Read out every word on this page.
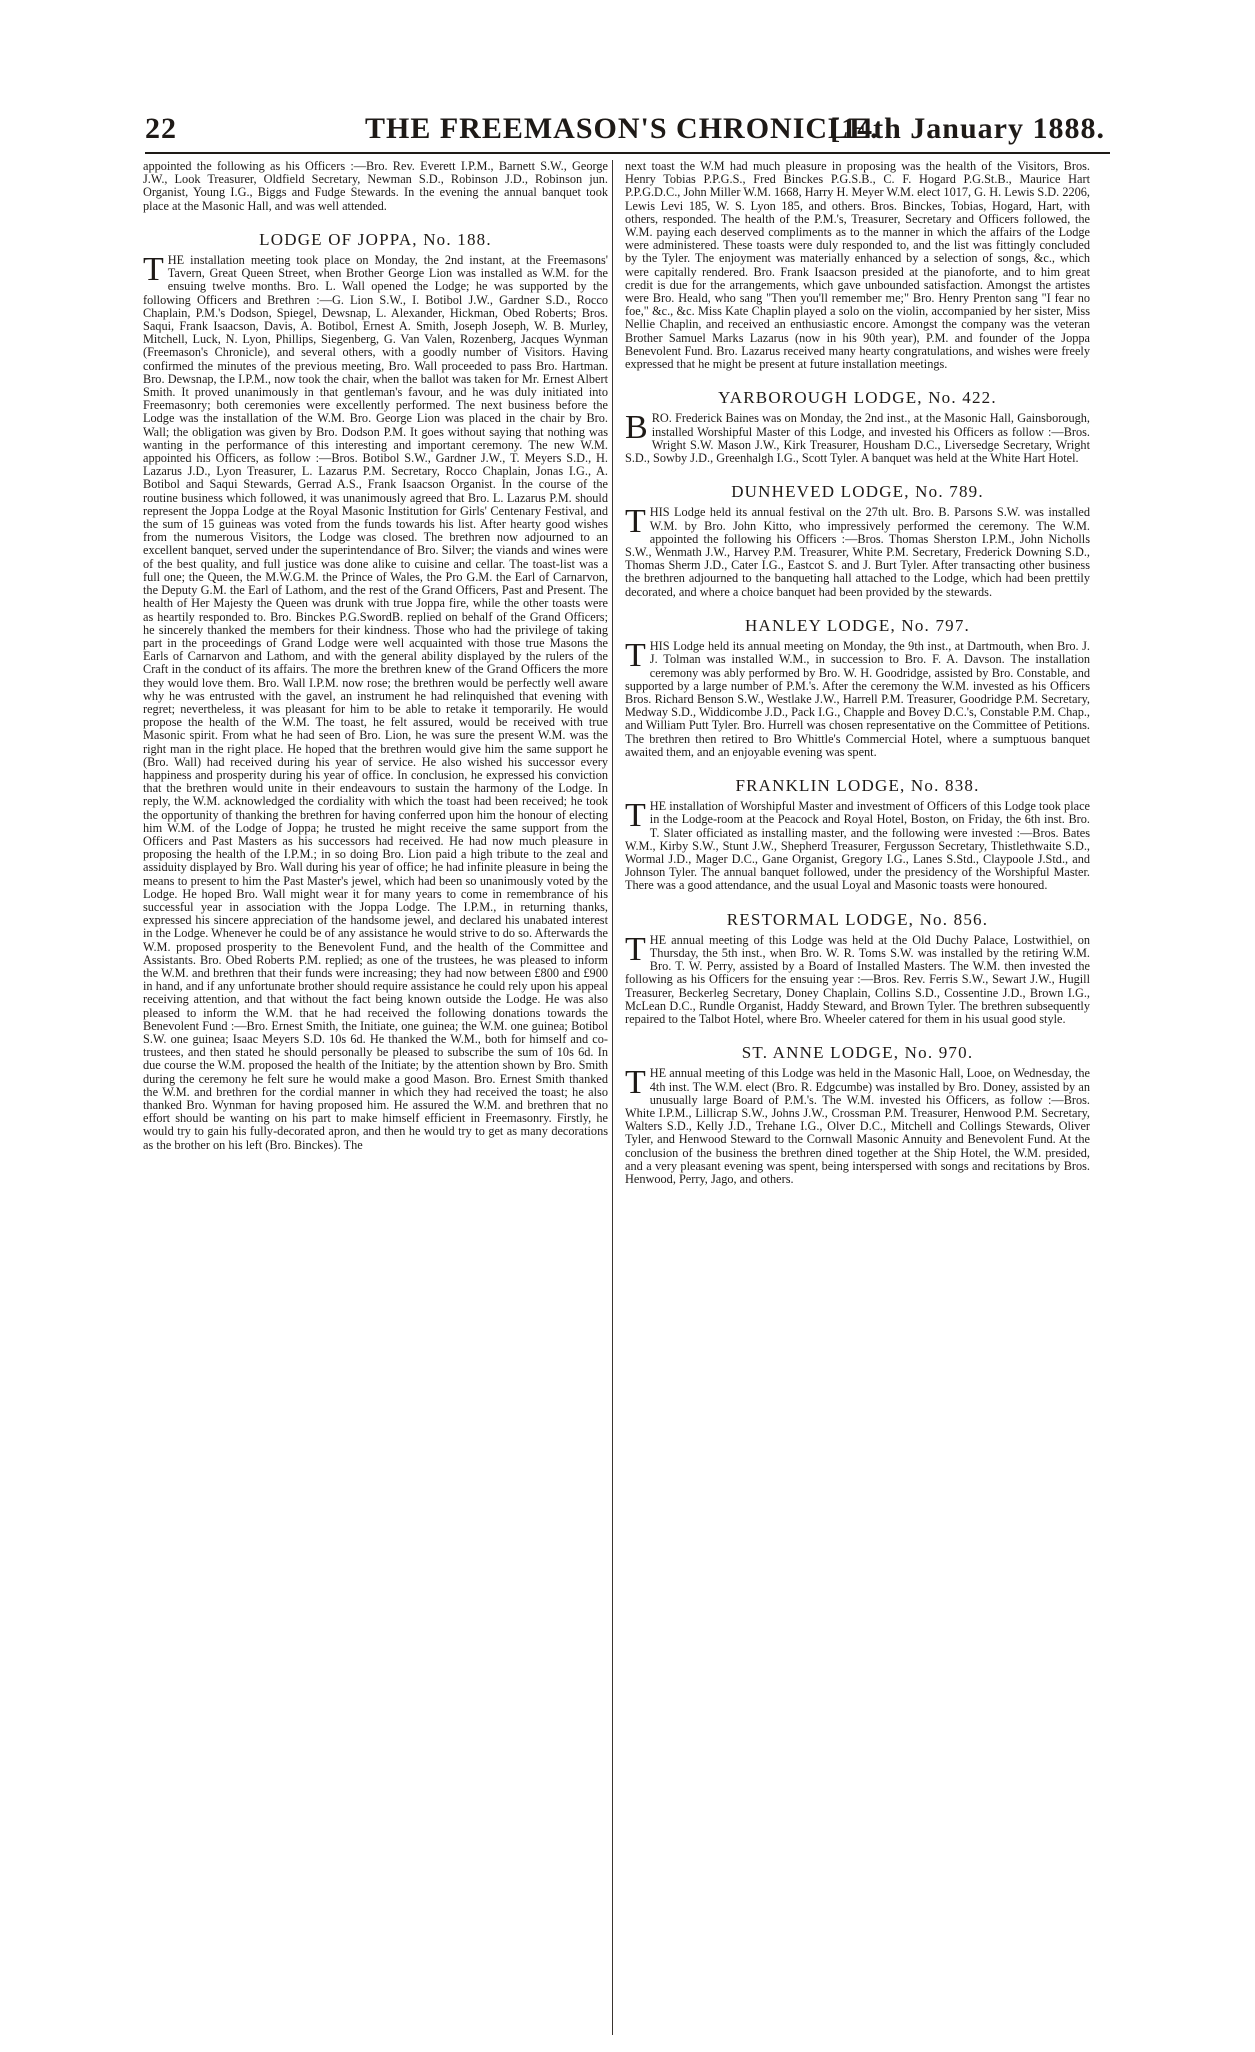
22	THE FREEMASON'S CHRONICLE.
[14th January 1888.

appointed the following as his Officers :—Bro. Rev. Everett I.P.M., Barnett S.W., George J.W., Look Treasurer, Oldfield Secretary, Newman S.D., Robinson J.D., Robinson jun. Organist, Young I.G., Biggs and Fudge Stewards. In the evening the annual banquet took place at the Masonic Hall, and was well attended.

LODGE OF JOPPA, No. 188.

THE installation meeting took place on Monday, the 2nd instant, at the Freemasons' Tavern, Great Queen Street, when Brother George Lion was installed as W.M. for the ensuing twelve months. Bro. L. Wall opened the Lodge; he was supported by the following Officers and Brethren :—G. Lion S.W., I. Botibol J.W., Gardner S.D., Rocco Chaplain, P.M.'s Dodson, Spiegel, Dewsnap, L. Alexander, Hickman, Obed Roberts; Bros. Saqui, Frank Isaacson, Davis, A. Botibol, Ernest A. Smith, Joseph Joseph, W. B. Murley, Mitchell, Luck, N. Lyon, Phillips, Siegenberg, G. Van Valen, Rozenberg, Jacques Wynman (Freemason's Chronicle), and several others, with a goodly number of Visitors. Having confirmed the minutes of the previous meeting, Bro. Wall proceeded to pass Bro. Hartman. Bro. Dewsnap, the I.P.M., now took the chair, when the ballot was taken for Mr. Ernest Albert Smith. It proved unanimously in that gentleman's favour, and he was duly initiated into Freemasonry; both ceremonies were excellently performed. The next business before the Lodge was the installation of the W.M. Bro. George Lion was placed in the chair by Bro. Wall; the obligation was given by Bro. Dodson P.M. It goes without saying that nothing was wanting in the performance of this interesting and important ceremony. The new W.M. appointed his Officers, as follow :—Bros. Botibol S.W., Gardner J.W., T. Meyers S.D., H. Lazarus J.D., Lyon Treasurer, L. Lazarus P.M. Secretary, Rocco Chaplain, Jonas I.G., A. Botibol and Saqui Stewards, Gerrad A.S., Frank Isaacson Organist. In the course of the routine business which followed, it was unanimously agreed that Bro. L. Lazarus P.M. should represent the Joppa Lodge at the Royal Masonic Institution for Girls' Centenary Festival, and the sum of 15 guineas was voted from the funds towards his list. After hearty good wishes from the numerous Visitors, the Lodge was closed. The brethren now adjourned to an excellent banquet, served under the superintendance of Bro. Silver; the viands and wines were of the best quality, and full justice was done alike to cuisine and cellar. The toast-list was a full one; the Queen, the M.W.G.M. the Prince of Wales, the Pro G.M. the Earl of Carnarvon, the Deputy G.M. the Earl of Lathom, and the rest of the Grand Officers, Past and Present. The health of Her Majesty the Queen was drunk with true Joppa fire, while the other toasts were as heartily responded to. Bro. Binckes P.G.SwordB. replied on behalf of the Grand Officers; he sincerely thanked the members for their kindness. Those who had the privilege of taking part in the proceedings of Grand Lodge were well acquainted with those true Masons the Earls of Carnarvon and Lathom, and with the general ability displayed by the rulers of the Craft in the conduct of its affairs. The more the brethren knew of the Grand Officers the more they would love them. Bro. Wall I.P.M. now rose; the brethren would be perfectly well aware why he was entrusted with the gavel, an instrument he had relinquished that evening with regret; nevertheless, it was pleasant for him to be able to retake it temporarily. He would propose the health of the W.M. The toast, he felt assured, would be received with true Masonic spirit. From what he had seen of Bro. Lion, he was sure the present W.M. was the right man in the right place. He hoped that the brethren would give him the same support he (Bro. Wall) had received during his year of service. He also wished his successor every happiness and prosperity during his year of office. In conclusion, he expressed his conviction that the brethren would unite in their endeavours to sustain the harmony of the Lodge. In reply, the W.M. acknowledged the cordiality with which the toast had been received; he took the opportunity of thanking the brethren for having conferred upon him the honour of electing him W.M. of the Lodge of Joppa; he trusted he might receive the same support from the Officers and Past Masters as his successors had received. He had now much pleasure in proposing the health of the I.P.M.; in so doing Bro. Lion paid a high tribute to the zeal and assiduity displayed by Bro. Wall during his year of office; he had infinite pleasure in being the means to present to him the Past Master's jewel, which had been so unanimously voted by the Lodge. He hoped Bro. Wall might wear it for many years to come in remembrance of his successful year in association with the Joppa Lodge. The I.P.M., in returning thanks, expressed his sincere appreciation of the handsome jewel, and declared his unabated interest in the Lodge. Whenever he could be of any assistance he would strive to do so. Afterwards the W.M. proposed prosperity to the Benevolent Fund, and the health of the Committee and Assistants. Bro. Obed Roberts P.M. replied; as one of the trustees, he was pleased to inform the W.M. and brethren that their funds were increasing; they had now between £800 and £900 in hand, and if any unfortunate brother should require assistance he could rely upon his appeal receiving attention, and that without the fact being known outside the Lodge. He was also pleased to inform the W.M. that he had received the following donations towards the Benevolent Fund :—Bro. Ernest Smith, the Initiate, one guinea; the W.M. one guinea; Botibol S.W. one guinea; Isaac Meyers S.D. 10s 6d. He thanked the W.M., both for himself and co-trustees, and then stated he should personally be pleased to subscribe the sum of 10s 6d. In due course the W.M. proposed the health of the Initiate; by the attention shown by Bro. Smith during the ceremony he felt sure he would make a good Mason. Bro. Ernest Smith thanked the W.M. and brethren for the cordial manner in which they had received the toast; he also thanked Bro. Wynman for having proposed him. He assured the W.M. and brethren that no effort should be wanting on his part to make himself efficient in Freemasonry. Firstly, he would try to gain his fully-decorated apron, and then he would try to get as many decorations as the brother on his left (Bro. Binckes). The

next toast the W.M had much pleasure in proposing was the health of the Visitors, Bros. Henry Tobias P.P.G.S., Fred Binckes P.G.S.B., C. F. Hogard P.G.St.B., Maurice Hart P.P.G.D.C., John Miller W.M. 1668, Harry H. Meyer W.M. elect 1017, G. H. Lewis S.D. 2206, Lewis Levi 185, W. S. Lyon 185, and others. Bros. Binckes, Tobias, Hogard, Hart, with others, responded. The health of the P.M.'s, Treasurer, Secretary and Officers followed, the W.M. paying each deserved compliments as to the manner in which the affairs of the Lodge were administered. These toasts were duly responded to, and the list was fittingly concluded by the Tyler. The enjoyment was materially enhanced by a selection of songs, &c., which were capitally rendered. Bro. Frank Isaacson presided at the pianoforte, and to him great credit is due for the arrangements, which gave unbounded satisfaction. Amongst the artistes were Bro. Heald, who sang "Then you'll remember me;" Bro. Henry Prenton sang "I fear no foe," &c., &c. Miss Kate Chaplin played a solo on the violin, accompanied by her sister, Miss Nellie Chaplin, and received an enthusiastic encore. Amongst the company was the veteran Brother Samuel Marks Lazarus (now in his 90th year), P.M. and founder of the Joppa Benevolent Fund. Bro. Lazarus received many hearty congratulations, and wishes were freely expressed that he might be present at future installation meetings.

YARBOROUGH LODGE, No. 422.

BRO. Frederick Baines was on Monday, the 2nd inst., at the Masonic Hall, Gainsborough, installed Worshipful Master of this Lodge, and invested his Officers as follow :—Bros. Wright S.W. Mason J.W., Kirk Treasurer, Housham D.C., Liversedge Secretary, Wright S.D., Sowby J.D., Greenhalgh I.G., Scott Tyler. A banquet was held at the White Hart Hotel.

DUNHEVED LODGE, No. 789.

THIS Lodge held its annual festival on the 27th ult. Bro. B. Parsons S.W. was installed W.M. by Bro. John Kitto, who impressively performed the ceremony. The W.M. appointed the following his Officers :—Bros. Thomas Sherston I.P.M., John Nicholls S.W., Wenmath J.W., Harvey P.M. Treasurer, White P.M. Secretary, Frederick Downing S.D., Thomas Sherm J.D., Cater I.G., Eastcot S. and J. Burt Tyler. After transacting other business the brethren adjourned to the banqueting hall attached to the Lodge, which had been prettily decorated, and where a choice banquet had been provided by the stewards.

HANLEY LODGE, No. 797.

THIS Lodge held its annual meeting on Monday, the 9th inst., at Dartmouth, when Bro. J. J. Tolman was installed W.M., in succession to Bro. F. A. Davson. The installation ceremony was ably performed by Bro. W. H. Goodridge, assisted by Bro. Constable, and supported by a large number of P.M.'s. After the ceremony the W.M. invested as his Officers Bros. Richard Benson S.W., Westlake J.W., Harrell P.M. Treasurer, Goodridge P.M. Secretary, Medway S.D., Widdicombe J.D., Pack I.G., Chapple and Bovey D.C.'s, Constable P.M. Chap., and William Putt Tyler. Bro. Hurrell was chosen representative on the Committee of Petitions. The brethren then retired to Bro Whittle's Commercial Hotel, where a sumptuous banquet awaited them, and an enjoyable evening was spent.

FRANKLIN LODGE, No. 838.

THE installation of Worshipful Master and investment of Officers of this Lodge took place in the Lodge-room at the Peacock and Royal Hotel, Boston, on Friday, the 6th inst. Bro. T. Slater officiated as installing master, and the following were invested :—Bros. Bates W.M., Kirby S.W., Stunt J.W., Shepherd Treasurer, Fergusson Secretary, Thistlethwaite S.D., Wormal J.D., Mager D.C., Gane Organist, Gregory I.G., Lanes S.Std., Claypoole J.Std., and Johnson Tyler. The annual banquet followed, under the presidency of the Worshipful Master. There was a good attendance, and the usual Loyal and Masonic toasts were honoured.

RESTORMAL LODGE, No. 856.

THE annual meeting of this Lodge was held at the Old Duchy Palace, Lostwithiel, on Thursday, the 5th inst., when Bro. W. R. Toms S.W. was installed by the retiring W.M. Bro. T. W. Perry, assisted by a Board of Installed Masters. The W.M. then invested the following as his Officers for the ensuing year :—Bros. Rev. Ferris S.W., Sewart J.W., Hugill Treasurer, Beckerleg Secretary, Doney Chaplain, Collins S.D., Cossentine J.D., Brown I.G., McLean D.C., Rundle Organist, Haddy Steward, and Brown Tyler. The brethren subsequently repaired to the Talbot Hotel, where Bro. Wheeler catered for them in his usual good style.

ST. ANNE LODGE, No. 970.

THE annual meeting of this Lodge was held in the Masonic Hall, Looe, on Wednesday, the 4th inst. The W.M. elect (Bro. R. Edgcumbe) was installed by Bro. Doney, assisted by an unusually large Board of P.M.'s. The W.M. invested his Officers, as follow :—Bros. White I.P.M., Lillicrap S.W., Johns J.W., Crossman P.M. Treasurer, Henwood P.M. Secretary, Walters S.D., Kelly J.D., Trehane I.G., Olver D.C., Mitchell and Collings Stewards, Oliver Tyler, and Henwood Steward to the Cornwall Masonic Annuity and Benevolent Fund. At the conclusion of the business the brethren dined together at the Ship Hotel, the W.M. presided, and a very pleasant evening was spent, being interspersed with songs and recitations by Bros. Henwood, Perry, Jago, and others.
